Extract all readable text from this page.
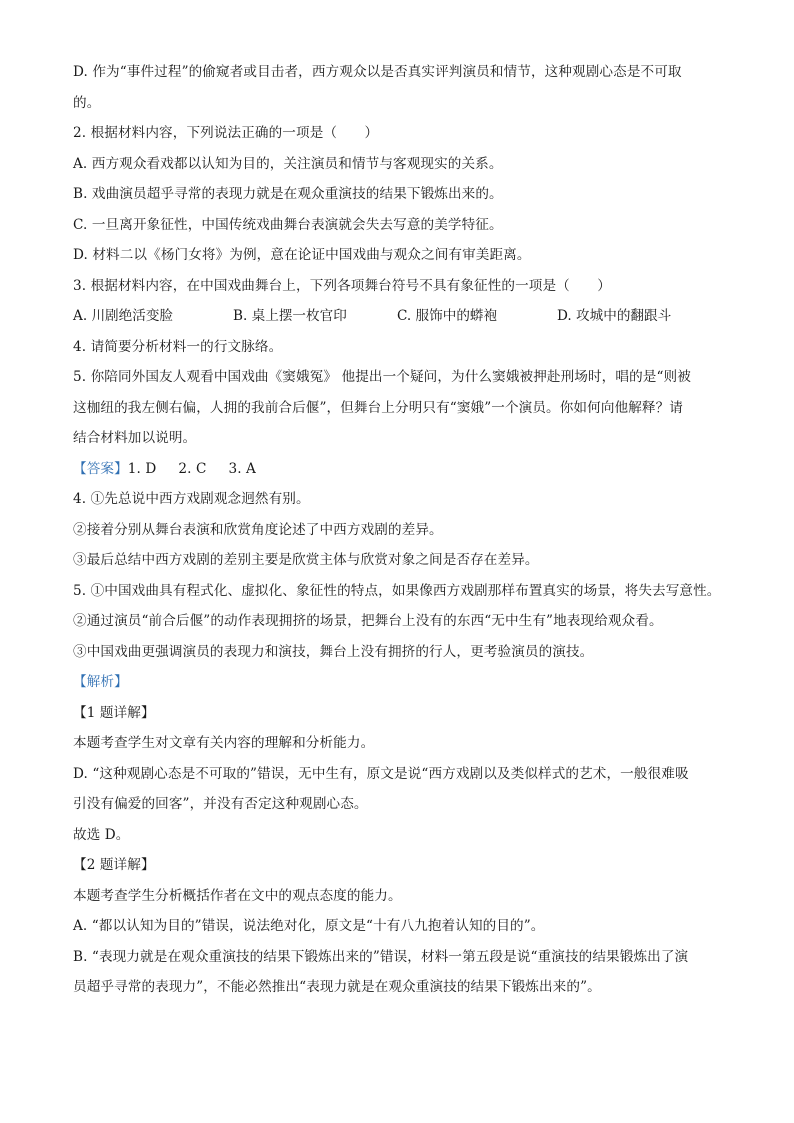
D. 作为“事件过程”的偷窥者或目击者，西方观众以是否真实评判演员和情节，这种观剧心态是不可取

的。

2. 根据材料内容，下列说法正确的一项是（　　）

A. 西方观众看戏都以认知为目的，关注演员和情节与客观现实的关系。

B. 戏曲演员超乎寻常的表现力就是在观众重演技的结果下锻炼出来的。

C. 一旦离开象征性，中国传统戏曲舞台表演就会失去写意的美学特征。

D. 材料二以《杨门女将》为例，意在论证中国戏曲与观众之间有审美距离。

3. 根据材料内容，在中国戏曲舞台上，下列各项舞台符号不具有象征性的一项是（　　）

A. 川剧绝活变脸	B. 桌上摆一枚官印	C. 服饰中的蟒袍	D. 攻城中的翻跟斗

4. 请简要分析材料一的行文脉络。

5. 你陪同外国友人观看中国戏曲《窦娥冤》 他提出一个疑问，为什么窦娥被押赴刑场时，唱的是“则被

这枷纽的我左侧右偏，人拥的我前合后偃”，但舞台上分明只有“窦娥”一个演员。你如何向他解释？请

结合材料加以说明。

【答案】1. D 2. C 3. A

4. ①先总说中西方戏剧观念迥然有别。

②接着分别从舞台表演和欣赏角度论述了中西方戏剧的差异。

③最后总结中西方戏剧的差别主要是欣赏主体与欣赏对象之间是否存在差异。

5. ①中国戏曲具有程式化、虚拟化、象征性的特点，如果像西方戏剧那样布置真实的场景，将失去写意性。

②通过演员“前合后偃”的动作表现拥挤的场景，把舞台上没有的东西“无中生有”地表现给观众看。

③中国戏曲更强调演员的表现力和演技，舞台上没有拥挤的行人，更考验演员的演技。

【解析】

【1 题详解】

本题考查学生对文章有关内容的理解和分析能力。

D. “这种观剧心态是不可取的”错误，无中生有，原文是说“西方戏剧以及类似样式的艺术，一般很难吸

引没有偏爱的回客”，并没有否定这种观剧心态。

故选 D。

【2 题详解】

本题考查学生分析概括作者在文中的观点态度的能力。

A. “都以认知为目的”错误，说法绝对化，原文是“十有八九抱着认知的目的”。

B. “表现力就是在观众重演技的结果下锻炼出来的”错误，材料一第五段是说“重演技的结果锻炼出了演

员超乎寻常的表现力”，不能必然推出“表现力就是在观众重演技的结果下锻炼出来的”。
